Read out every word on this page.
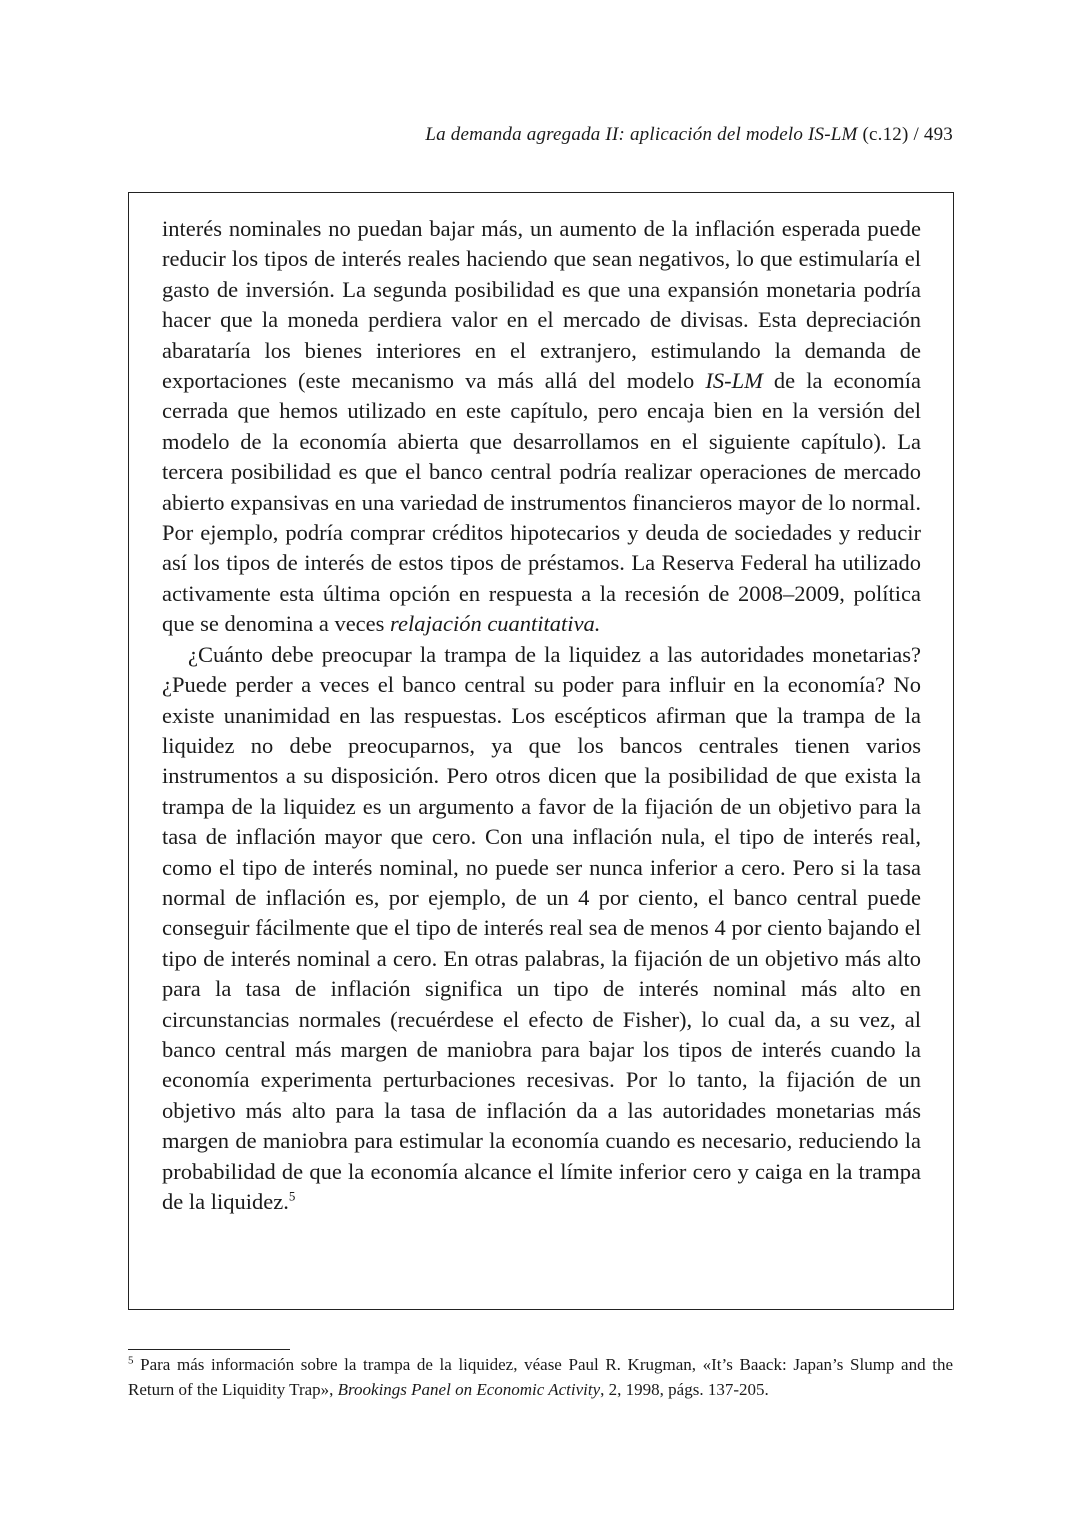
La demanda agregada II: aplicación del modelo IS-LM (c.12) / 493

interés nominales no puedan bajar más, un aumento de la inflación esperada puede reducir los tipos de interés reales haciendo que sean negativos, lo que estimularía el gasto de inversión. La segunda posibilidad es que una expansión monetaria podría hacer que la moneda perdiera valor en el mercado de divisas. Esta depreciación abarataría los bienes interiores en el extranjero, estimulando la demanda de exportaciones (este mecanismo va más allá del modelo IS-LM de la economía cerrada que hemos utilizado en este capítulo, pero encaja bien en la versión del modelo de la economía abierta que desarrollamos en el siguiente capítulo). La tercera posibilidad es que el banco central podría realizar operaciones de mercado abierto expansivas en una variedad de instrumentos financieros mayor de lo normal. Por ejemplo, podría comprar créditos hipotecarios y deuda de sociedades y reducir así los tipos de interés de estos tipos de préstamos. La Reserva Federal ha utilizado activamente esta última opción en respuesta a la recesión de 2008–2009, política que se denomina a veces relajación cuantitativa.

¿Cuánto debe preocupar la trampa de la liquidez a las autoridades monetarias? ¿Puede perder a veces el banco central su poder para influir en la economía? No existe unanimidad en las respuestas. Los escépticos afirman que la trampa de la liquidez no debe preocuparnos, ya que los bancos centrales tienen varios instrumentos a su disposición. Pero otros dicen que la posibilidad de que exista la trampa de la liquidez es un argumento a favor de la fijación de un objetivo para la tasa de inflación mayor que cero. Con una inflación nula, el tipo de interés real, como el tipo de interés nominal, no puede ser nunca inferior a cero. Pero si la tasa normal de inflación es, por ejemplo, de un 4 por ciento, el banco central puede conseguir fácilmente que el tipo de interés real sea de menos 4 por ciento bajando el tipo de interés nominal a cero. En otras palabras, la fijación de un objetivo más alto para la tasa de inflación significa un tipo de interés nominal más alto en circunstancias normales (recuérdese el efecto de Fisher), lo cual da, a su vez, al banco central más margen de maniobra para bajar los tipos de interés cuando la economía experimenta perturbaciones recesivas. Por lo tanto, la fijación de un objetivo más alto para la tasa de inflación da a las autoridades monetarias más margen de maniobra para estimular la economía cuando es necesario, reduciendo la probabilidad de que la economía alcance el límite inferior cero y caiga en la trampa de la liquidez.$^5$

$^5$ Para más información sobre la trampa de la liquidez, véase Paul R. Krugman, «It’s Baack: Japan’s Slump and the Return of the Liquidity Trap», Brookings Panel on Economic Activity, 2, 1998, págs. 137-205.
